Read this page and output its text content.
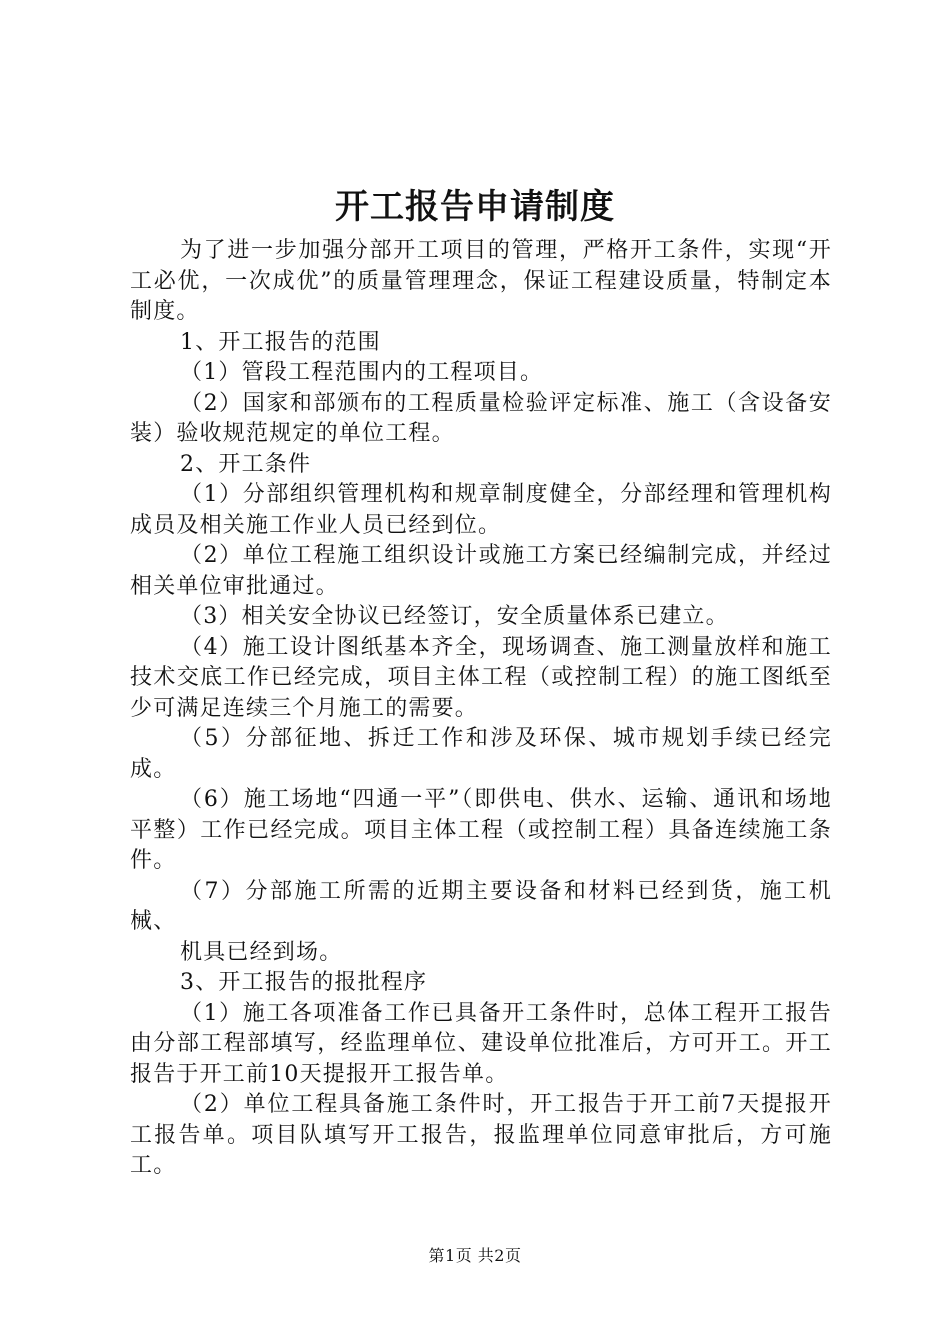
开工报告申请制度

为了进一步加强分部开工项目的管理，严格开工条件，实现“开工必优，一次成优”的质量管理理念，保证工程建设质量，特制定本制度。

1、开工报告的范围

（1）管段工程范围内的工程项目。

（2）国家和部颁布的工程质量检验评定标准、施工（含设备安装）验收规范规定的单位工程。

2、开工条件

（1）分部组织管理机构和规章制度健全，分部经理和管理机构成员及相关施工作业人员已经到位。

（2）单位工程施工组织设计或施工方案已经编制完成，并经过相关单位审批通过。

（3）相关安全协议已经签订，安全质量体系已建立。

（4）施工设计图纸基本齐全，现场调查、施工测量放样和施工技术交底工作已经完成，项目主体工程（或控制工程）的施工图纸至少可满足连续三个月施工的需要。

（5）分部征地、拆迁工作和涉及环保、城市规划手续已经完成。

（6）施工场地“四通一平”（即供电、供水、运输、通讯和场地平整）工作已经完成。项目主体工程（或控制工程）具备连续施工条件。

（7）分部施工所需的近期主要设备和材料已经到货，施工机械、

机具已经到场。

3、开工报告的报批程序

（1）施工各项准备工作已具备开工条件时，总体工程开工报告由分部工程部填写，经监理单位、建设单位批准后，方可开工。开工报告于开工前10天提报开工报告单。

（2）单位工程具备施工条件时，开工报告于开工前7天提报开工报告单。项目队填写开工报告，报监理单位同意审批后，方可施工。

第1页 共2页
